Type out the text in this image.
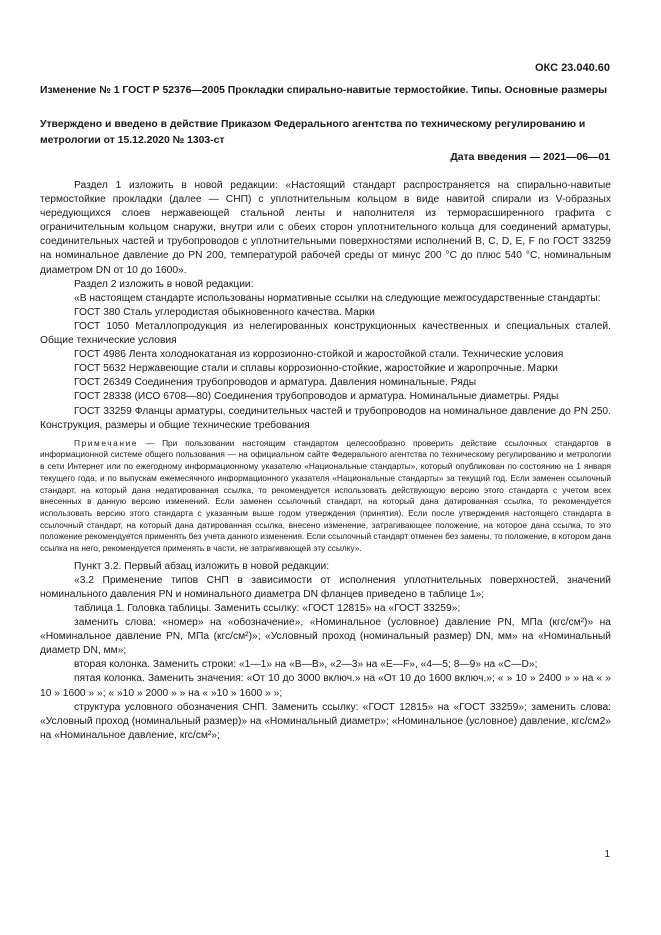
ОКС 23.040.60
Изменение № 1 ГОСТ Р 52376—2005 Прокладки спирально-навитые термостойкие. Типы. Основные размеры
Утверждено и введено в действие Приказом Федерального агентства по техническому регулированию и метрологии от 15.12.2020 № 1303-ст
Дата введения — 2021—06—01

Раздел 1 изложить в новой редакции: «Настоящий стандарт распространяется на спирально-навитые термостойкие прокладки (далее — СНП) с уплотнительным кольцом в виде навитой спирали из V-образных чередующихся слоев нержавеющей стальной ленты и наполнителя из терморасширенного графита с ограничительным кольцом снаружи, внутри или с обеих сторон уплотнительного кольца для соединений арматуры, соединительных частей и трубопроводов с уплотнительными поверхностями исполнений B, C, D, E, F по ГОСТ 33259 на номинальное давление до PN 200, температурой рабочей среды от минус 200 °С до плюс 540 °С, номинальным диаметром DN от 10 до 1600».

Раздел 2 изложить в новой редакции:

«В настоящем стандарте использованы нормативные ссылки на следующие межгосударственные стандарты:

ГОСТ 380 Сталь углеродистая обыкновенного качества. Марки

ГОСТ 1050 Металлопродукция из нелегированных конструкционных качественных и специальных сталей. Общие технические условия

ГОСТ 4986 Лента холоднокатаная из коррозионно-стойкой и жаростойкой стали. Технические условия

ГОСТ 5632 Нержавеющие стали и сплавы коррозионно-стойкие, жаростойкие и жаропрочные. Марки

ГОСТ 26349 Соединения трубопроводов и арматура. Давления номинальные. Ряды

ГОСТ 28338 (ИСО 6708—80) Соединения трубопроводов и арматура. Номинальные диаметры. Ряды

ГОСТ 33259 Фланцы арматуры, соединительных частей и трубопроводов на номинальное давление до PN 250. Конструкция, размеры и общие технические требования

Примечание — При пользовании настоящим стандартом целесообразно проверить действие ссылочных стандартов в информационной системе общего пользования — на официальном сайте Федерального агентства по техническому регулированию и метрологии в сети Интернет или по ежегодному информационному указателю «Национальные стандарты», который опубликован по состоянию на 1 января текущего года, и по выпускам ежемесячного информационного указателя «Национальные стандарты» за текущий год. Если заменен ссылочный стандарт, на который дана недатированная ссылка, то рекомендуется использовать действующую версию этого стандарта с учетом всех внесенных в данную версию изменений. Если заменен ссылочный стандарт, на который дана датированная ссылка, то рекомендуется использовать версию этого стандарта с указанным выше годом утверждения (принятия). Если после утверждения настоящего стандарта в ссылочный стандарт, на который дана датированная ссылка, внесено изменение, затрагивающее положение, на которое дана ссылка, то это положение рекомендуется применять без учета данного изменения. Если ссылочный стандарт отменен без замены, то положение, в котором дана ссылка на него, рекомендуется применять в части, не затрагивающей эту ссылку».

Пункт 3.2. Первый абзац изложить в новой редакции:

«3.2 Применение типов СНП в зависимости от исполнения уплотнительных поверхностей, значений номинального давления PN и номинального диаметра DN фланцев приведено в таблице 1»;

таблица 1. Головка таблицы. Заменить ссылку: «ГОСТ 12815» на «ГОСТ 33259»;

заменить слова: «номер» на «обозначение», «Номинальное (условное) давление PN, МПа (кгс/см²)» на «Номинальное давление PN, МПа (кгс/см²)»; «Условный проход (номинальный размер) DN, мм» на «Номинальный диаметр DN, мм»;

вторая колонка. Заменить строки: «1—1» на «В—В», «2—3» на «Е—F», «4—5; 8—9» на «С—D»;

пятая колонка. Заменить значения: «От 10 до 3000 включ.» на «От 10 до 1600 включ.»; « » 10 » 2400 » » на « » 10 » 1600 » »; « »10 » 2000 » » на « »10 » 1600 » »;

структура условного обозначения СНП. Заменить ссылку: «ГОСТ 12815» на «ГОСТ 33259»; заменить слова: «Условный проход (номинальный размер)» на «Номинальный диаметр»; «Номинальное (условное) давление, кгс/см2» на «Номинальное давление, кгс/см²»;

1
